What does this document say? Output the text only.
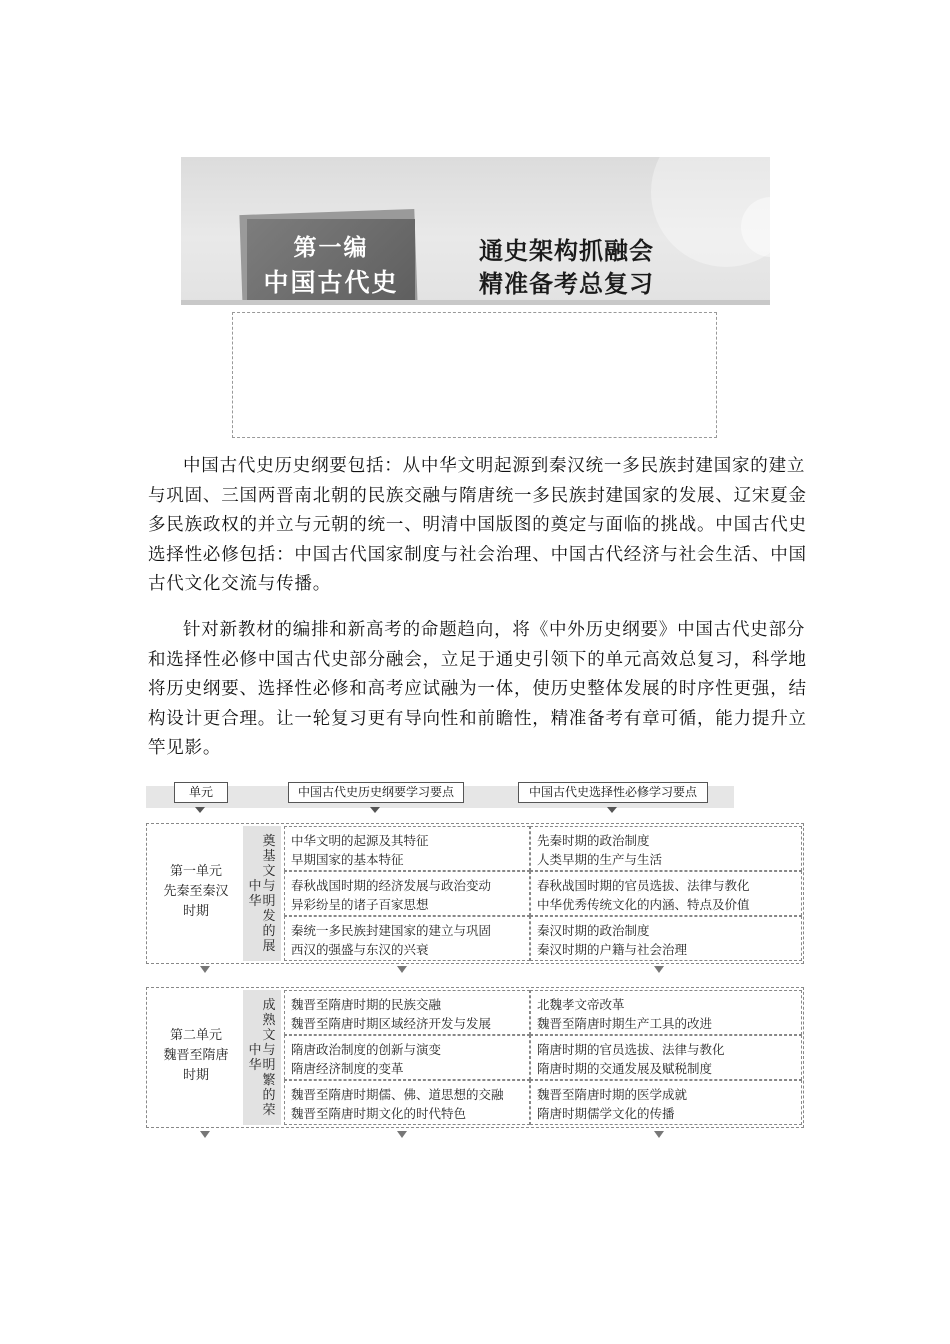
第一编
中国古代史
通史架构抓融会
精准备考总复习
中国古代史历史纲要包括：从中华文明起源到秦汉统一多民族封建国家的建立与巩固、三国两晋南北朝的民族交融与隋唐统一多民族封建国家的发展、辽宋夏金多民族政权的并立与元朝的统一、明清中国版图的奠定与面临的挑战。中国古代史选择性必修包括：中国古代国家制度与社会治理、中国古代经济与社会生活、中国古代文化交流与传播。
针对新教材的编排和新高考的命题趋向，将《中外历史纲要》中国古代史部分和选择性必修中国古代史部分融会，立足于通史引领下的单元高效总复习，科学地将历史纲要、选择性必修和高考应试融为一体，使历史整体发展的时序性更强，结构设计更合理。让一轮复习更有导向性和前瞻性，精准备考有章可循，能力提升立竿见影。
单元	中国古代史历史纲要学习要点	中国古代史选择性必修学习要点
第一单元
先秦至秦汉
时期
中华
奠基
文与
明发
的展
中华文明的起源及其特征
早期国家的基本特征
先秦时期的政治制度
人类早期的生产与生活
春秋战国时期的经济发展与政治变动
异彩纷呈的诸子百家思想
春秋战国时期的官员选拔、法律与教化
中华优秀传统文化的内涵、特点及价值
秦统一多民族封建国家的建立与巩固
西汉的强盛与东汉的兴衰
秦汉时期的政治制度
秦汉时期的户籍与社会治理
第二单元
魏晋至隋唐
时期
中华
成熟
文与
明繁
的荣
魏晋至隋唐时期的民族交融
魏晋至隋唐时期区域经济开发与发展
北魏孝文帝改革
魏晋至隋唐时期生产工具的改进
隋唐政治制度的创新与演变
隋唐经济制度的变革
隋唐时期的官员选拔、法律与教化
隋唐时期的交通发展及赋税制度
魏晋至隋唐时期儒、佛、道思想的交融
魏晋至隋唐时期文化的时代特色
魏晋至隋唐时期的医学成就
隋唐时期儒学文化的传播
